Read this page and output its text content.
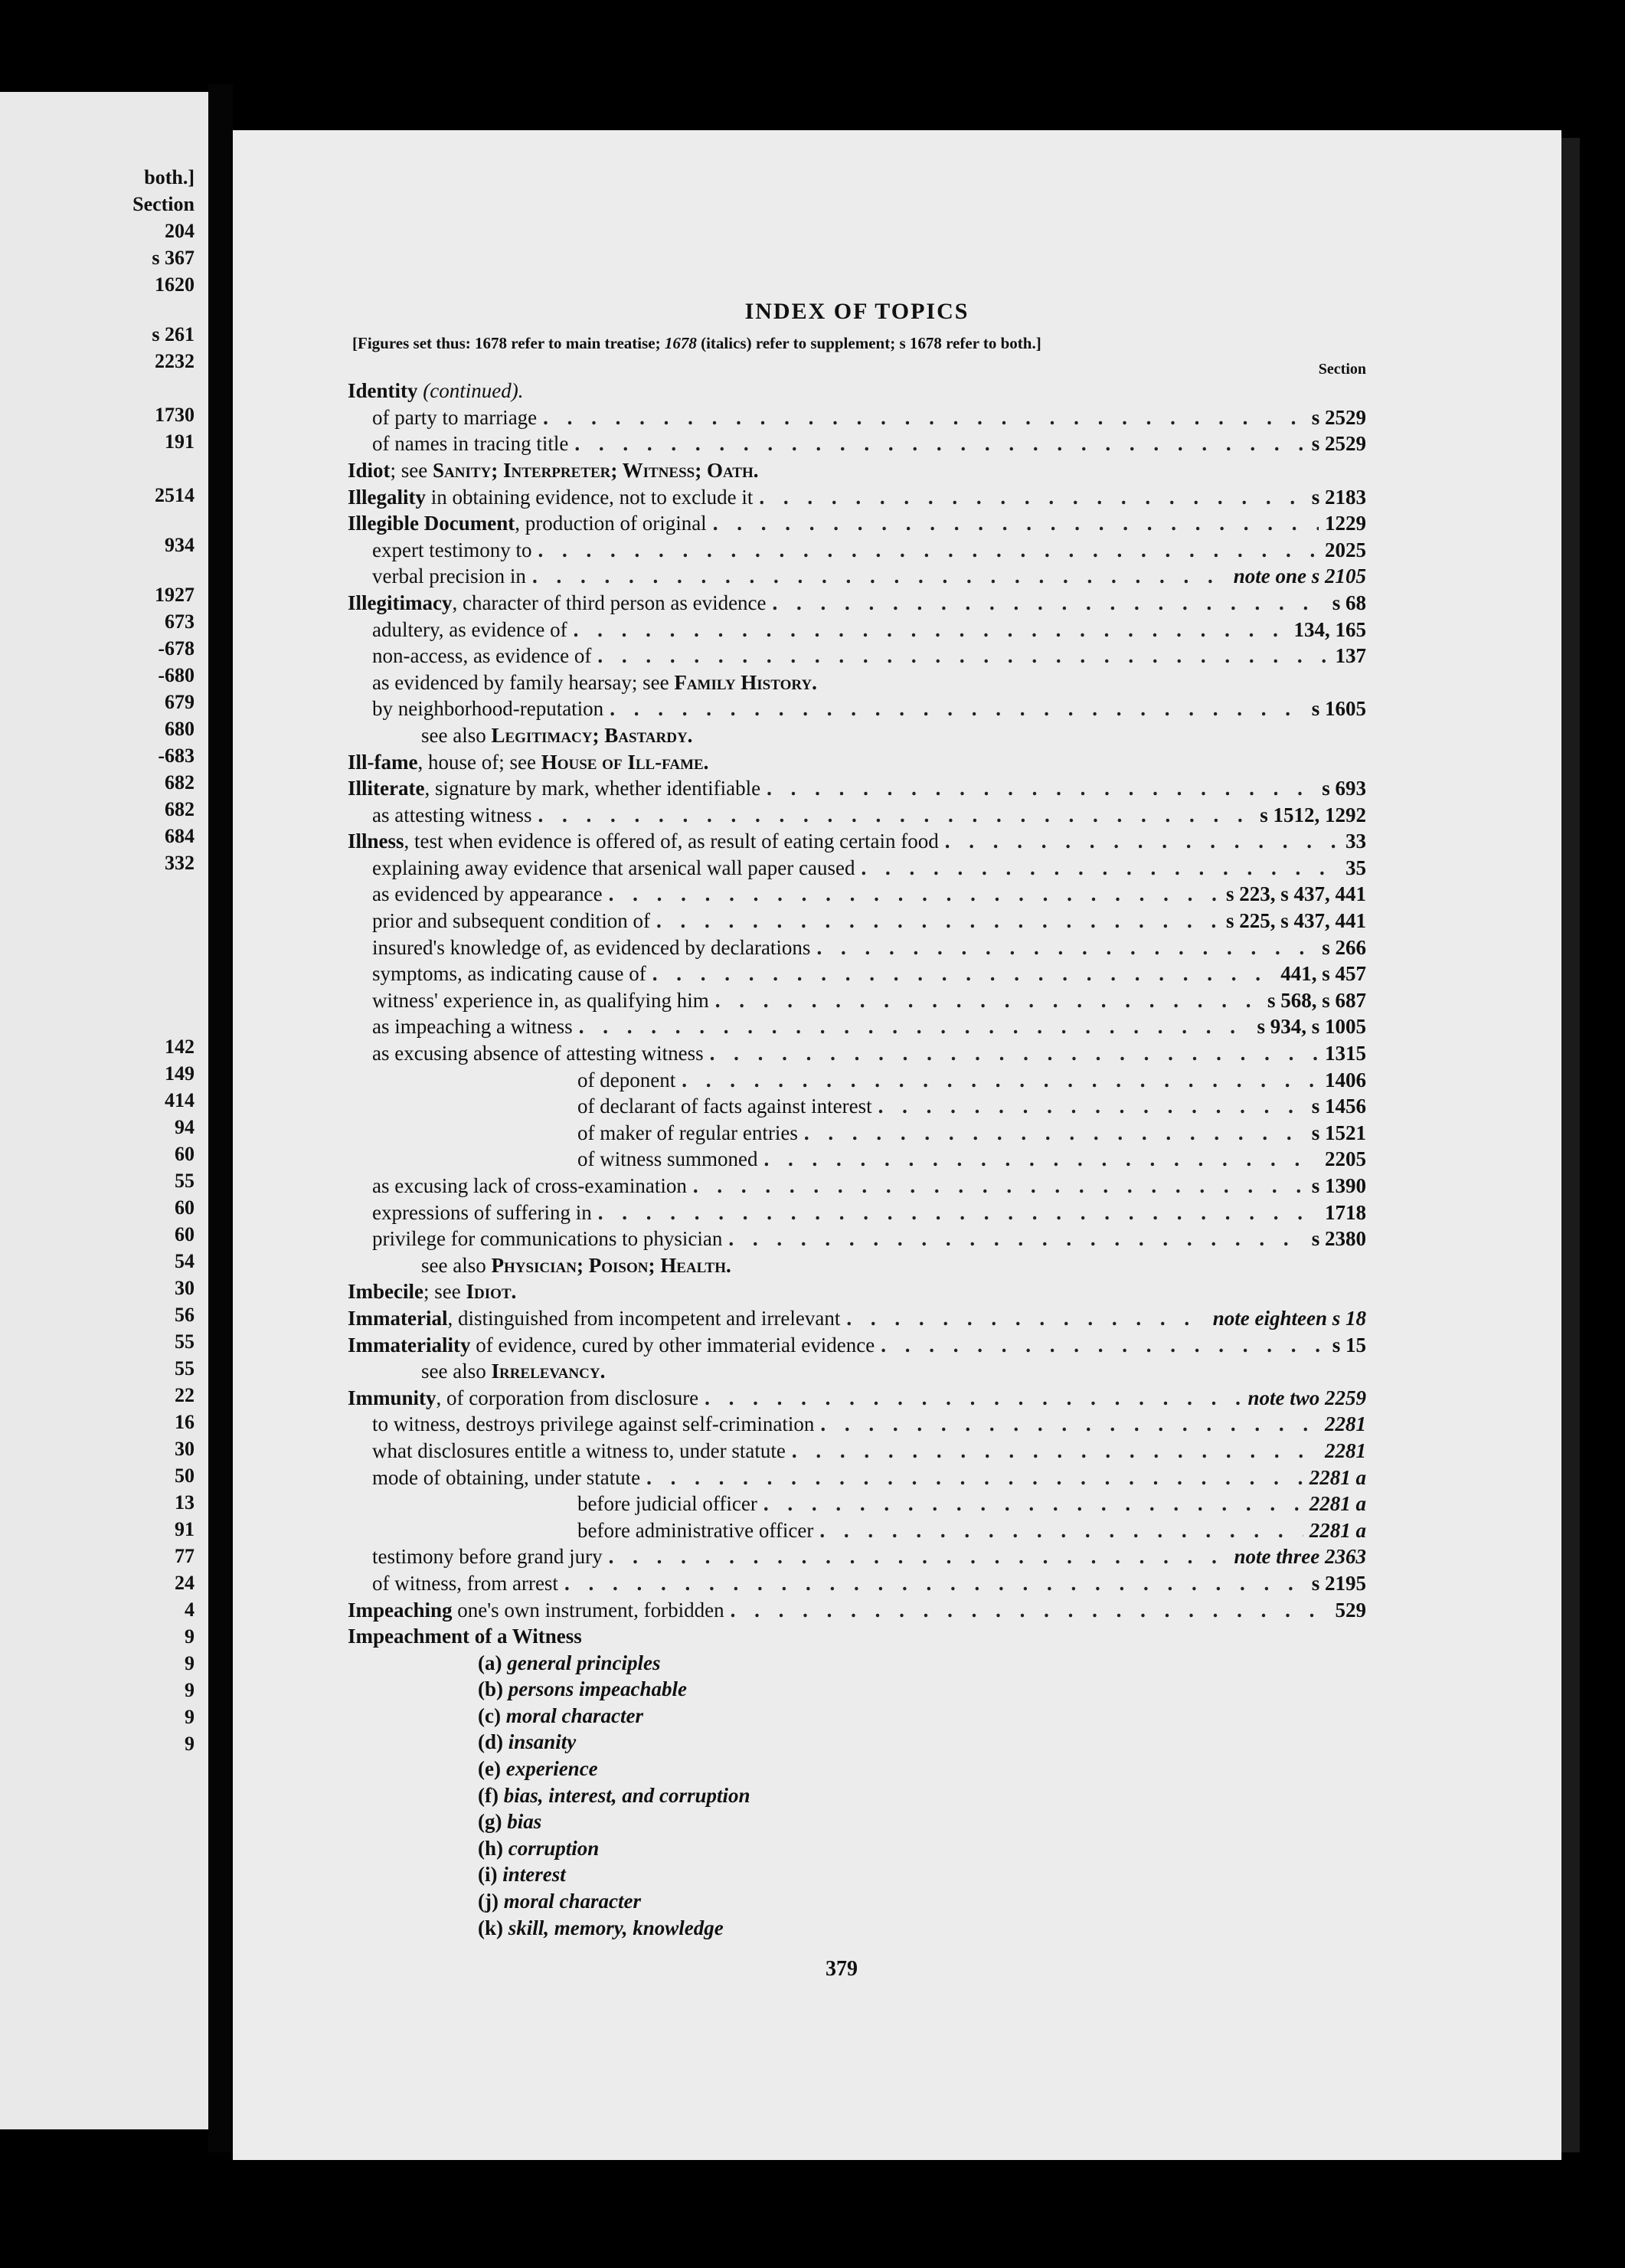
both.]
Section
204
s 367
1620
s 261
2232
1730
191
2514
934
1927
673
-678
-680
679
680
-683
682
682
684
332
142
149
414
94
60
55
60
60
54
30
56
55
55
22
16
30
50
13
91
77
24
4
9
9
9
9
9
INDEX OF TOPICS
[Figures set thus: 1678 refer to main treatise; 1678 (italics) refer to supplement; s 1678 refer to both.]
Section
Identity (continued).
of party to marriage . . .	s 2529
of names in tracing title . . .	s 2529
Idiot; see Sanity; Interpreter; Witness; Oath.
Illegality in obtaining evidence, not to exclude it . . .	s 2183
Illegible Document, production of original . . .	1229
expert testimony to . . .	2025
verbal precision in . . .	note one s 2105
Illegitimacy, character of third person as evidence . . .	s 68
adultery, as evidence of . . .	134, 165
non-access, as evidence of . . .	137
as evidenced by family hearsay; see Family History.
by neighborhood-reputation . . .	s 1605
see also Legitimacy; Bastardy.
Ill-fame, house of; see House of Ill-fame.
Illiterate, signature by mark, whether identifiable . . .	s 693
as attesting witness . . .	s 1512, 1292
Illness, test when evidence is offered of, as result of eating certain food . . .	33
explaining away evidence that arsenical wall paper caused . . .	35
as evidenced by appearance . . .	s 223, s 437, 441
prior and subsequent condition of . . .	s 225, s 437, 441
insured's knowledge of, as evidenced by declarations . . .	s 266
symptoms, as indicating cause of . . .	441, s 457
witness' experience in, as qualifying him . . .	s 568, s 687
as impeaching a witness . . .	s 934, s 1005
as excusing absence of attesting witness . . .	1315
of deponent . . .	1406
of declarant of facts against interest . . .	s 1456
of maker of regular entries . . .	s 1521
of witness summoned . . .	2205
as excusing lack of cross-examination . . .	s 1390
expressions of suffering in . . .	1718
privilege for communications to physician . . .	s 2380
see also Physician; Poison; Health.
Imbecile; see Idiot.
Immaterial, distinguished from incompetent and irrelevant . . .	note eighteen s 18
Immateriality of evidence, cured by other immaterial evidence . . .	s 15
see also Irrelevancy.
Immunity, of corporation from disclosure . . .	note two 2259
to witness, destroys privilege against self-crimination . . .	2281
what disclosures entitle a witness to, under statute . . .	2281
mode of obtaining, under statute . . .	2281 a
before judicial officer . . .	2281 a
before administrative officer . . .	2281 a
testimony before grand jury . . .	note three 2363
of witness, from arrest . . .	s 2195
Impeaching one's own instrument, forbidden . . .	529
Impeachment of a Witness
(a) general principles
(b) persons impeachable
(c) moral character
(d) insanity
(e) experience
(f) bias, interest, and corruption
(g) bias
(h) corruption
(i) interest
(j) moral character
(k) skill, memory, knowledge
379
